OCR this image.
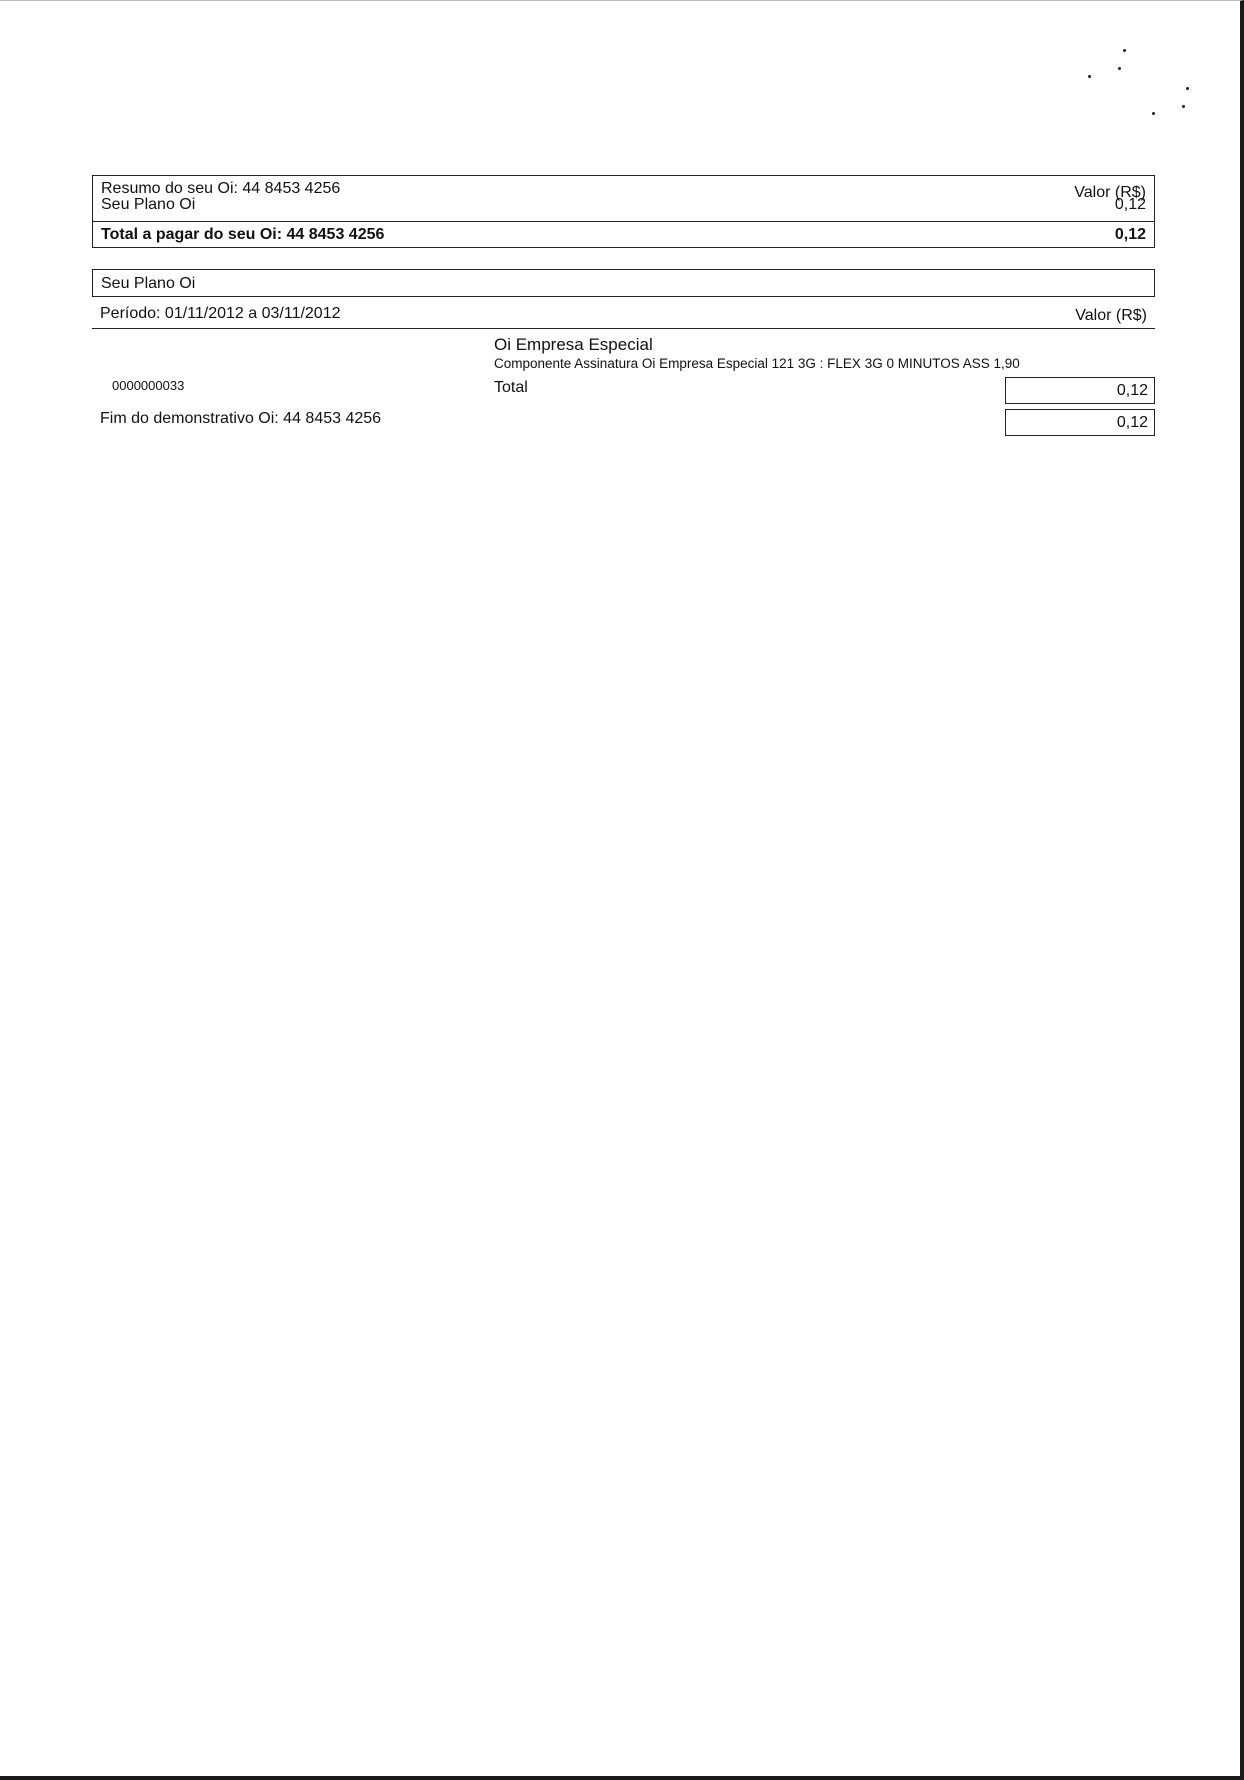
Resumo do seu Oi: 44 8453 4256	Valor (R$)
Seu Plano Oi	0,12
Total a pagar do seu Oi: 44 8453 4256	0,12
Seu Plano Oi
Período: 01/11/2012 a 03/11/2012	Valor (R$)
Oi Empresa Especial
Componente Assinatura Oi Empresa Especial 121 3G : FLEX 3G 0 MINUTOS ASS 1,90
0000000033	Total	0,12
Fim do demonstrativo Oi: 44 8453 4256	0,12
